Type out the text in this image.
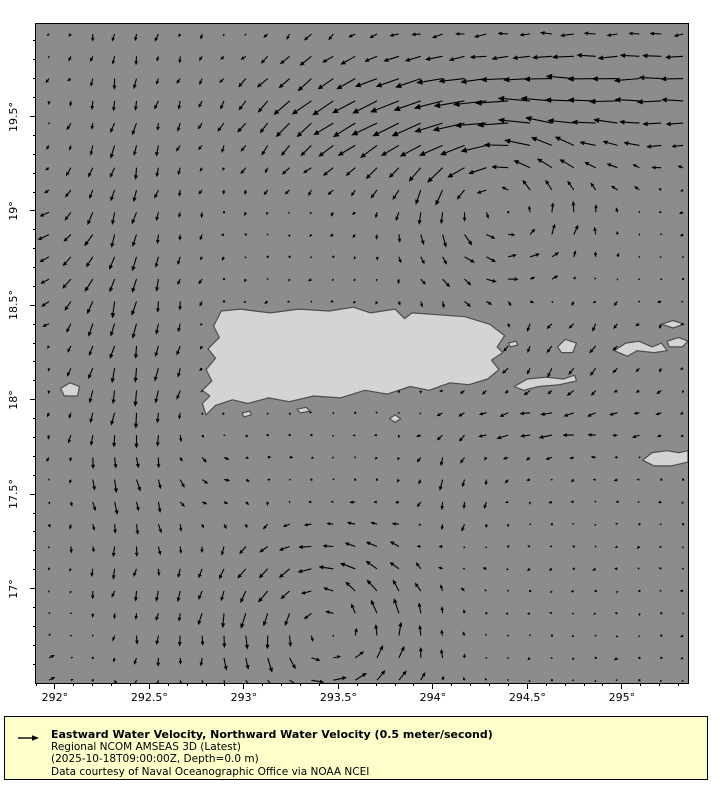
Eastward Water Velocity, Northward Water Velocity (0.5 meter/second)
Regional NCOM AMSEAS 3D (Latest)
(2025-10-18T09:00:00Z, Depth=0.0 m)
Data courtesy of Naval Oceanographic Office via NOAA NCEI
292°	292.5°	293°	293.5°	294°	294.5°	295°
19.5°
19°
18.5°
18°
17.5°
17°
